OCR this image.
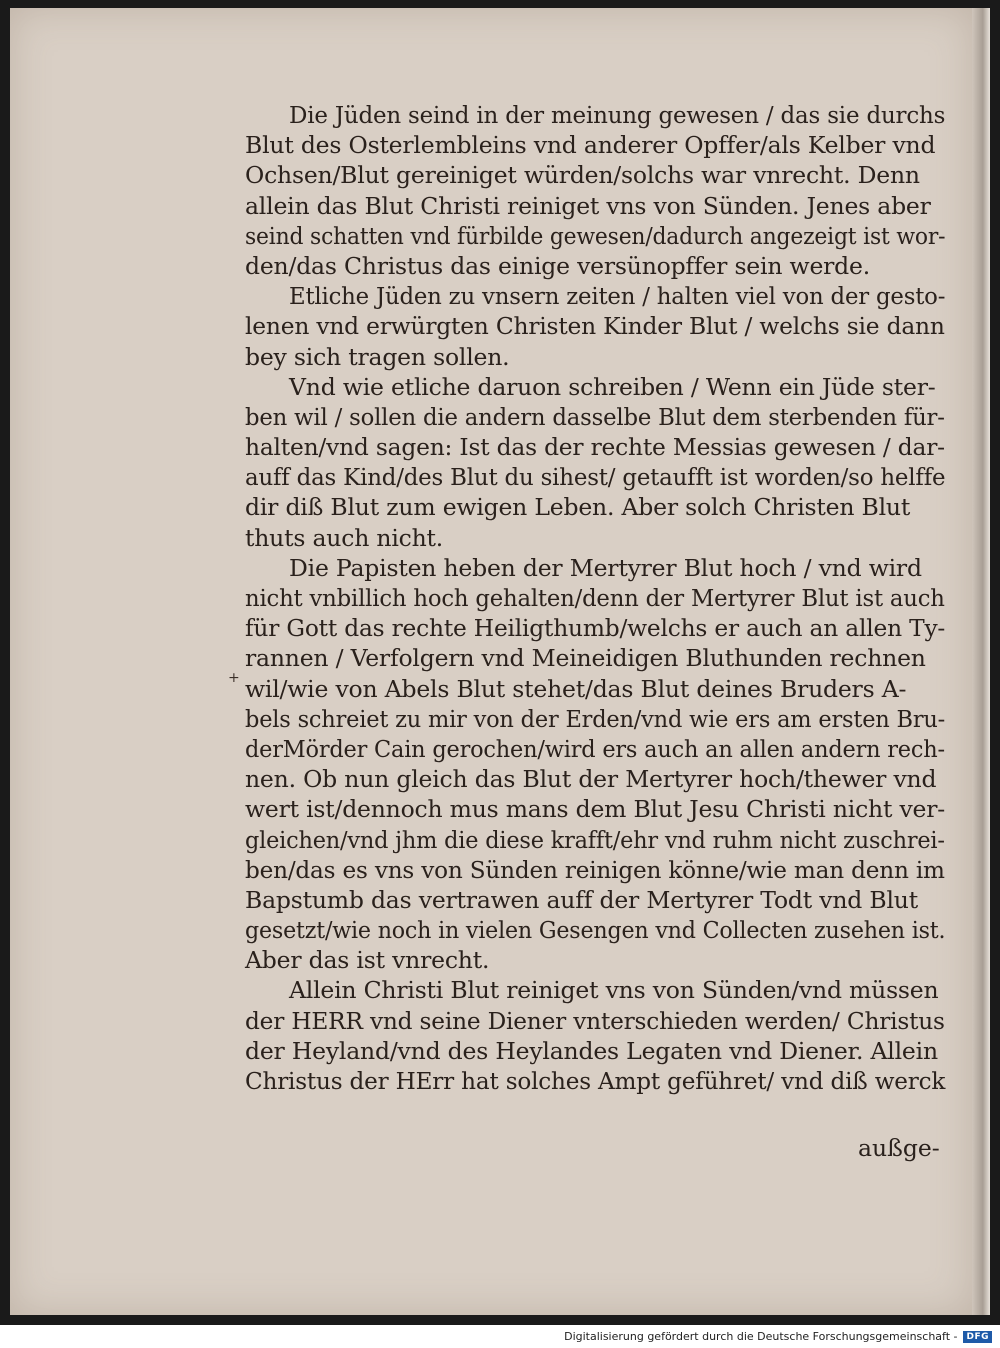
Die Jüden seind in der meinung gewesen / das sie durchs
Blut des Osterlembleins vnd anderer Opffer/als Kelber vnd
Ochsen/Blut gereiniget würden/solchs war vnrecht. Denn
allein das Blut Christi reiniget vns von Sünden. Jenes aber
seind schatten vnd fürbilde gewesen/dadurch angezeigt ist wor-
den/das Christus das einige versünopffer sein werde.
Etliche Jüden zu vnsern zeiten / halten viel von der gesto-
lenen vnd erwürgten Christen Kinder Blut / welchs sie dann
bey sich tragen sollen.
Vnd wie etliche daruon schreiben / Wenn ein Jüde ster-
ben wil / sollen die andern dasselbe Blut dem sterbenden für-
halten/vnd sagen: Ist das der rechte Messias gewesen / dar-
auff das Kind/des Blut du sihest/ getaufft ist worden/so helffe
dir diß Blut zum ewigen Leben. Aber solch Christen Blut
thuts auch nicht.
Die Papisten heben der Mertyrer Blut hoch / vnd wird
nicht vnbillich hoch gehalten/denn der Mertyrer Blut ist auch
für Gott das rechte Heiligthumb/welchs er auch an allen Ty-
rannen / Verfolgern vnd Meineidigen Bluthunden rechnen
wil/wie von Abels Blut stehet/das Blut deines Bruders A-
bels schreiet zu mir von der Erden/vnd wie ers am ersten Bru-
derMörder Cain gerochen/wird ers auch an allen andern rech-
nen. Ob nun gleich das Blut der Mertyrer hoch/thewer vnd
wert ist/dennoch mus mans dem Blut Jesu Christi nicht ver-
gleichen/vnd jhm die diese krafft/ehr vnd ruhm nicht zuschrei-
ben/das es vns von Sünden reinigen könne/wie man denn im
Bapstumb das vertrawen auff der Mertyrer Todt vnd Blut
gesetzt/wie noch in vielen Gesengen vnd Collecten zusehen ist.
Aber das ist vnrecht.
Allein Christi Blut reiniget vns von Sünden/vnd müssen
der HERR vnd seine Diener vnterschieden werden/ Christus
der Heyland/vnd des Heylandes Legaten vnd Diener. Allein
Christus der HErr hat solches Ampt geführet/ vnd diß werck
+
außge-
Digitalisierung gefördert durch die Deutsche Forschungsgemeinschaft -	DFG
